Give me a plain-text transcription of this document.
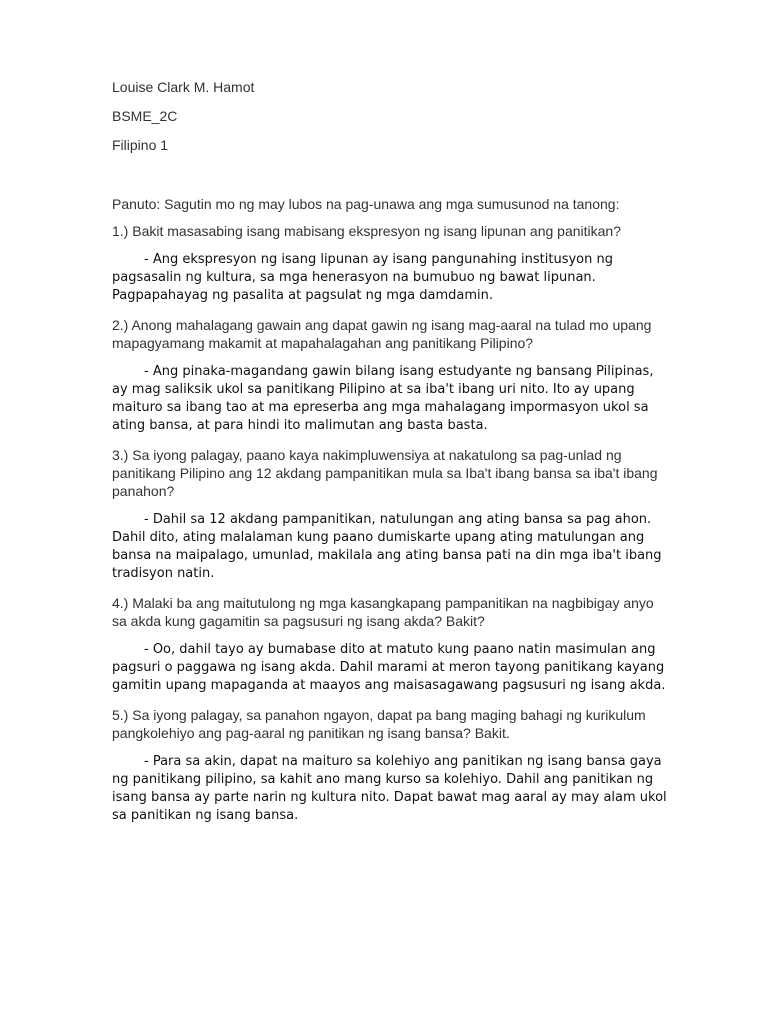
Louise Clark M. Hamot
BSME_2C
Filipino 1

Panuto: Sagutin mo ng may lubos na pag-unawa ang mga sumusunod na tanong:

1.) Bakit masasabing isang mabisang ekspresyon ng isang lipunan ang panitikan?

- Ang ekspresyon ng isang lipunan ay isang pangunahing institusyon ng pagsasalin ng kultura, sa mga henerasyon na bumubuo ng bawat lipunan. Pagpapahayag ng pasalita at pagsulat ng mga damdamin.

2.) Anong mahalagang gawain ang dapat gawin ng isang mag-aaral na tulad mo upang mapagyamang makamit at mapahalagahan ang panitikang Pilipino?

- Ang pinaka-magandang gawin bilang isang estudyante ng bansang Pilipinas, ay mag saliksik ukol sa panitikang Pilipino at sa iba't ibang uri nito. Ito ay upang maituro sa ibang tao at ma epreserba ang mga mahalagang impormasyon ukol sa ating bansa, at para hindi ito malimutan ang basta basta.

3.) Sa iyong palagay, paano kaya nakimpluwensiya at nakatulong sa pag-unlad ng panitikang Pilipino ang 12 akdang pampanitikan mula sa Iba't ibang bansa sa iba't ibang panahon?

- Dahil sa 12 akdang pampanitikan, natulungan ang ating bansa sa pag ahon. Dahil dito, ating malalaman kung paano dumiskarte upang ating matulungan ang bansa na maipalago, umunlad, makilala ang ating bansa pati na din mga iba't ibang tradisyon natin.

4.) Malaki ba ang maitutulong ng mga kasangkapang pampanitikan na nagbibigay anyo sa akda kung gagamitin sa pagsusuri ng isang akda? Bakit?

- Oo, dahil tayo ay bumabase dito at matuto kung paano natin masimulan ang pagsuri o paggawa ng isang akda. Dahil marami at meron tayong panitikang kayang gamitin upang mapaganda at maayos ang maisasagawang pagsusuri ng isang akda.

5.) Sa iyong palagay, sa panahon ngayon, dapat pa bang maging bahagi ng kurikulum pangkolehiyo ang pag-aaral ng panitikan ng isang bansa? Bakit.

- Para sa akin, dapat na maituro sa kolehiyo ang panitikan ng isang bansa gaya ng panitikang pilipino, sa kahit ano mang kurso sa kolehiyo. Dahil ang panitikan ng isang bansa ay parte narin ng kultura nito. Dapat bawat mag aaral ay may alam ukol sa panitikan ng isang bansa.
